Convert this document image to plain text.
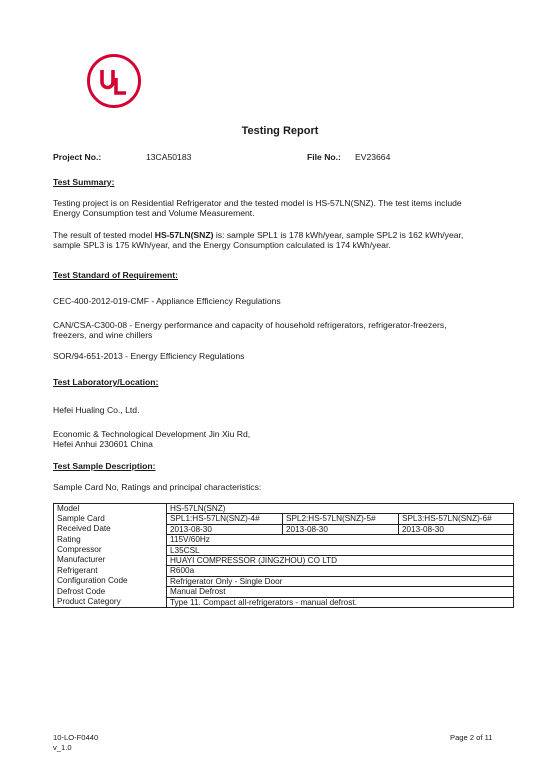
Testing Report
Project No.:	13CA50183	File No.: EV23664
Test Summary:
Testing project is on Residential Refrigerator and the tested model is HS-57LN(SNZ). The test items include
Energy Consumption test and Volume Measurement.
The result of tested model HS-57LN(SNZ) is: sample SPL1 is 178 kWh/year, sample SPL2 is 162 kWh/year,
sample SPL3 is 175 kWh/year, and the Energy Consumption calculated is 174 kWh/year.
Test Standard of Requirement:
CEC-400-2012-019-CMF - Appliance Efficiency Regulations
CAN/CSA-C300-08 - Energy performance and capacity of household refrigerators, refrigerator-freezers,
freezers, and wine chillers
SOR/94-651-2013 - Energy Efficiency Regulations
Test Laboratory/Location:
Hefei Hualing Co., Ltd.
Economic & Technological Development Jin Xiu Rd,
Hefei Anhui 230601 China
Test Sample Description:
Sample Card No, Ratings and principal characteristics:
Model	HS-57LN(SNZ)		
Sample Card	SPL1:HS-57LN(SNZ)-4#	SPL2:HS-57LN(SNZ)-5#	SPL3:HS-57LN(SNZ)-6#
Received Date	2013-08-30	2013-08-30	2013-08-30
Rating	115V/60Hz		
Compressor	L35CSL		
Manufacturer	HUAYI COMPRESSOR (JINGZHOU) CO LTD		
Refrigerant	R600a		
Configuration Code	Refrigerator Only - Single Door		
Defrost Code	Manual Defrost		
Product Category	Type 11. Compact all-refrigerators - manual defrost.		
10-LO-F0440
v_1.0
Page 2 of 11
